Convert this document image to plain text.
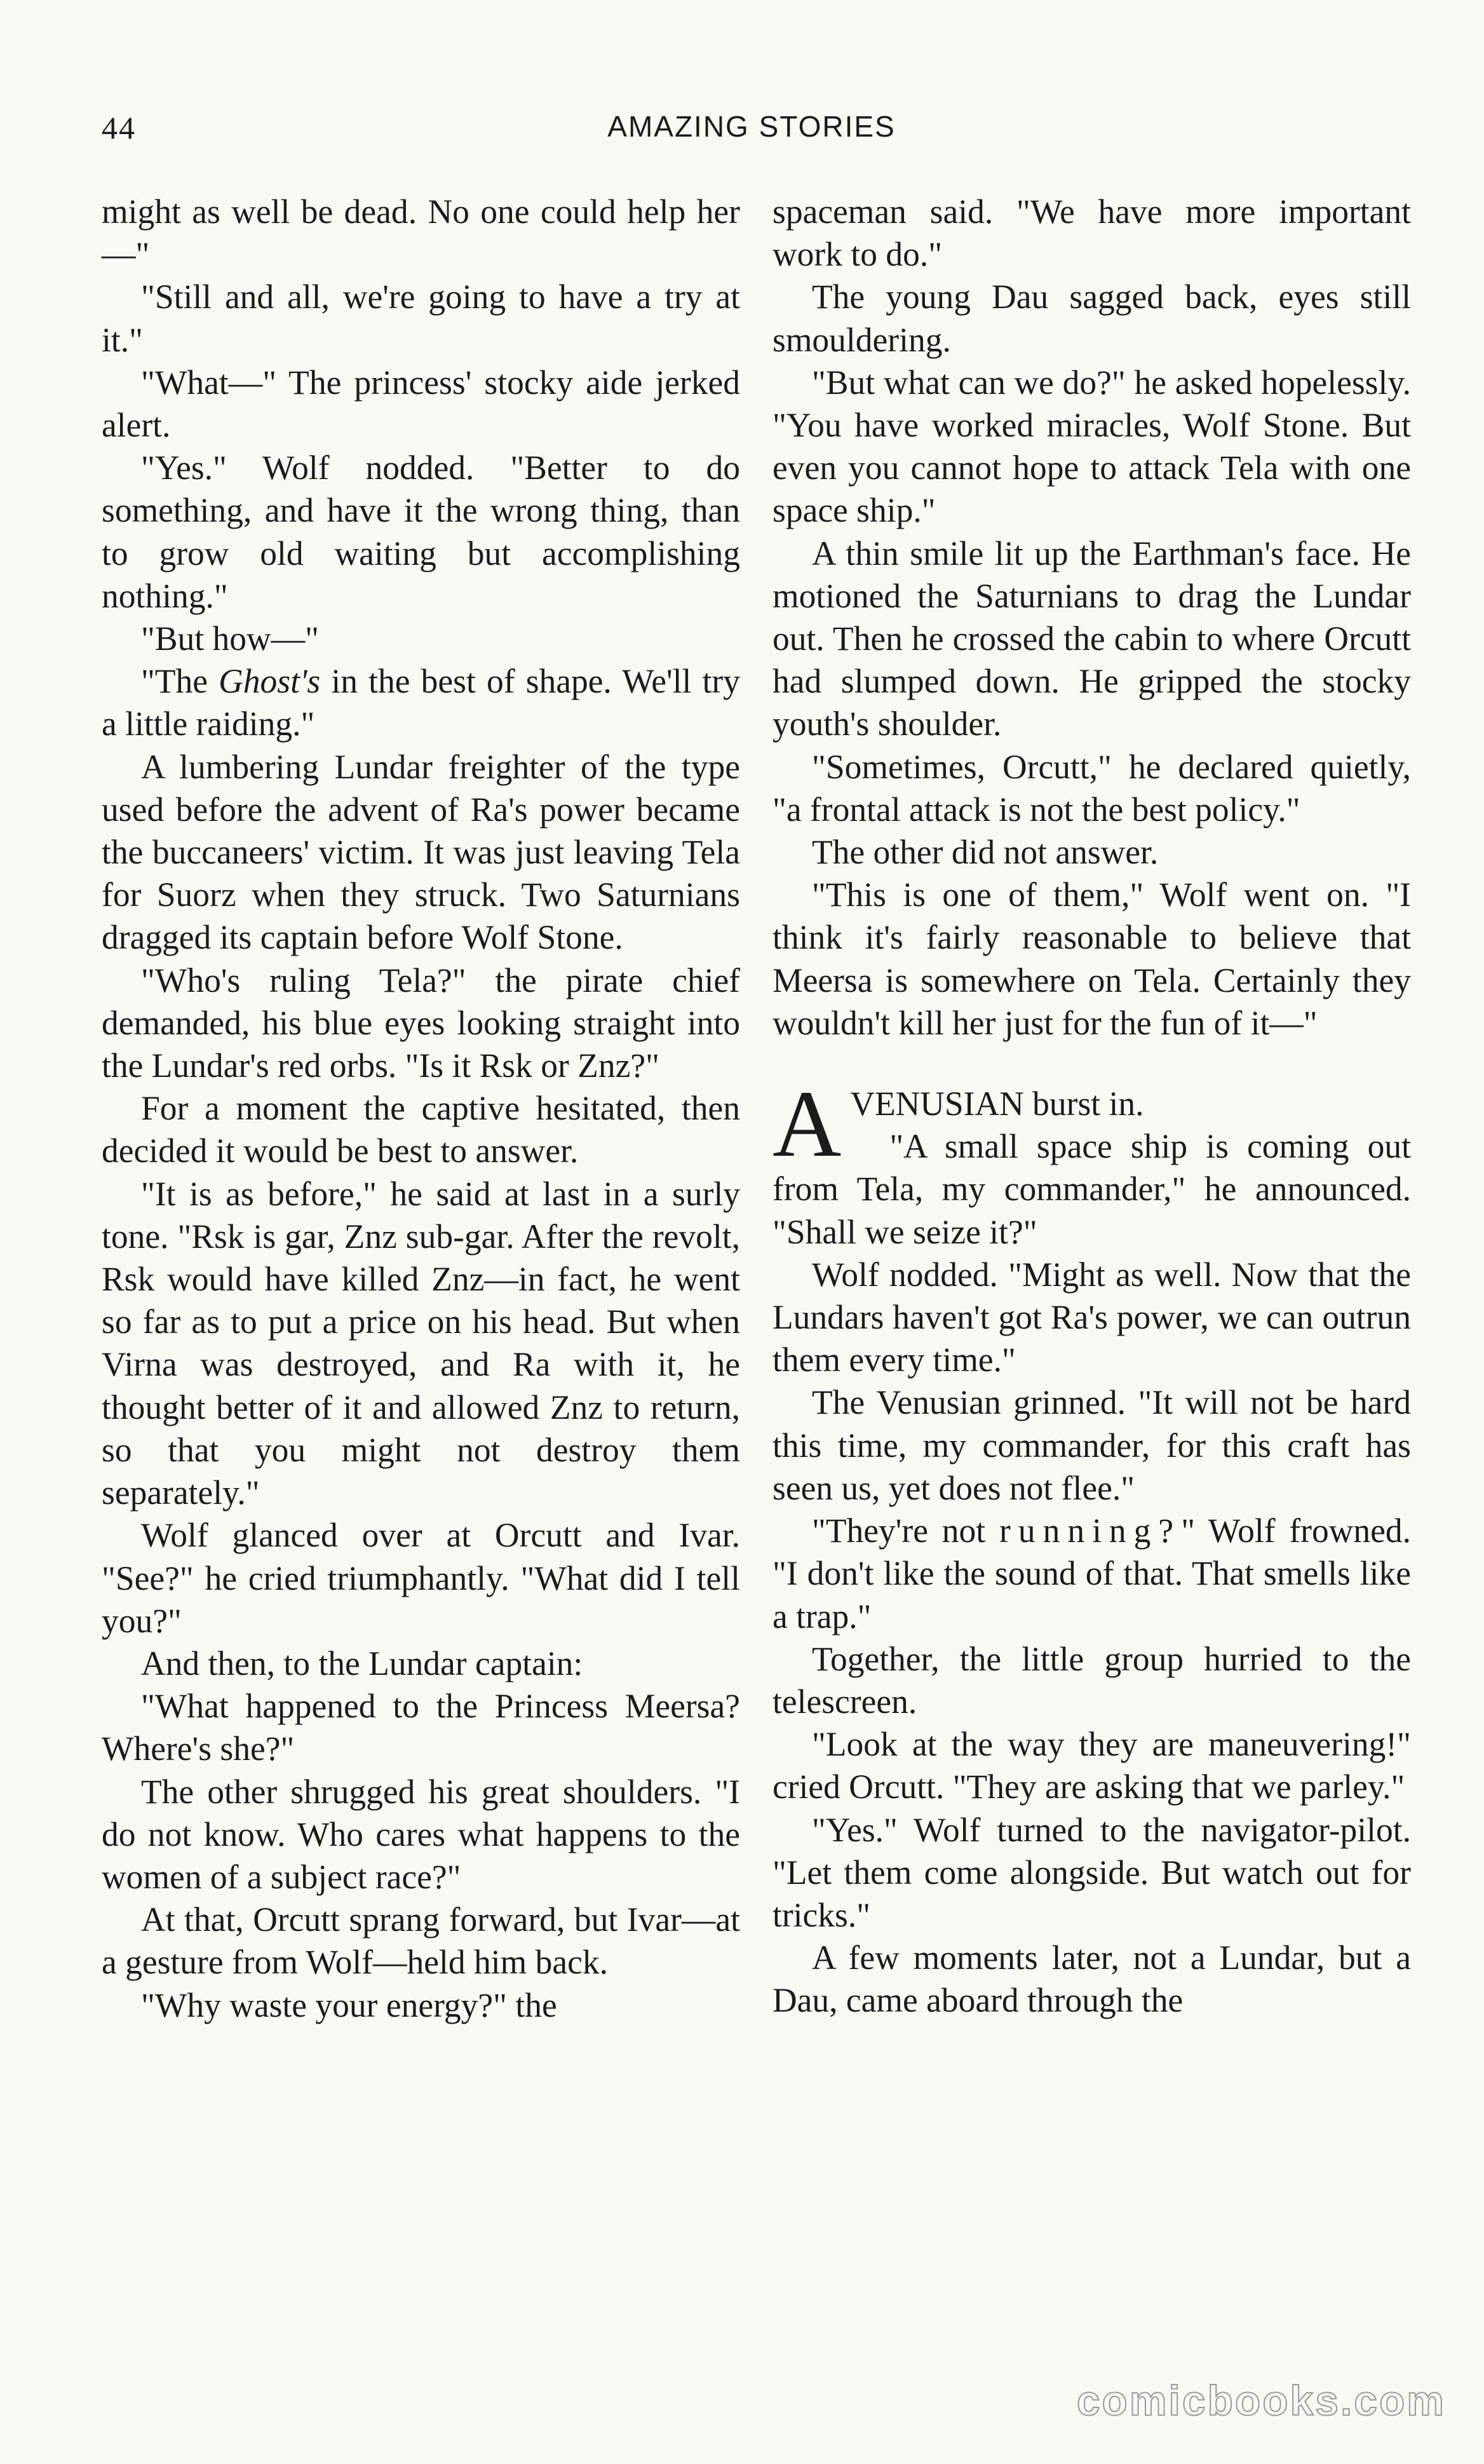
44	AMAZING STORIES

might as well be dead. No one could help her—"

"Still and all, we're going to have a try at it."

"What—" The princess' stocky aide jerked alert.

"Yes." Wolf nodded. "Better to do something, and have it the wrong thing, than to grow old waiting but accomplishing nothing."

"But how—"

"The Ghost's in the best of shape. We'll try a little raiding."

A lumbering Lundar freighter of the type used before the advent of Ra's power became the buccaneers' victim. It was just leaving Tela for Suorz when they struck. Two Saturnians dragged its captain before Wolf Stone.

"Who's ruling Tela?" the pirate chief demanded, his blue eyes looking straight into the Lundar's red orbs. "Is it Rsk or Znz?"

For a moment the captive hesitated, then decided it would be best to answer.

"It is as before," he said at last in a surly tone. "Rsk is gar, Znz sub-gar. After the revolt, Rsk would have killed Znz—in fact, he went so far as to put a price on his head. But when Virna was destroyed, and Ra with it, he thought better of it and allowed Znz to return, so that you might not destroy them separately."

Wolf glanced over at Orcutt and Ivar. "See?" he cried triumphantly. "What did I tell you?"

And then, to the Lundar captain:

"What happened to the Princess Meersa? Where's she?"

The other shrugged his great shoulders. "I do not know. Who cares what happens to the women of a subject race?"

At that, Orcutt sprang forward, but Ivar—at a gesture from Wolf—held him back.

"Why waste your energy?" the

spaceman said. "We have more important work to do."

The young Dau sagged back, eyes still smouldering.

"But what can we do?" he asked hopelessly. "You have worked miracles, Wolf Stone. But even you cannot hope to attack Tela with one space ship."

A thin smile lit up the Earthman's face. He motioned the Saturnians to drag the Lundar out. Then he crossed the cabin to where Orcutt had slumped down. He gripped the stocky youth's shoulder.

"Sometimes, Orcutt," he declared quietly, "a frontal attack is not the best policy."

The other did not answer.

"This is one of them," Wolf went on. "I think it's fairly reasonable to believe that Meersa is somewhere on Tela. Certainly they wouldn't kill her just for the fun of it—"

A VENUSIAN burst in.

"A small space ship is coming out from Tela, my commander," he announced. "Shall we seize it?"

Wolf nodded. "Might as well. Now that the Lundars haven't got Ra's power, we can outrun them every time."

The Venusian grinned. "It will not be hard this time, my commander, for this craft has seen us, yet does not flee."

"They're not running?" Wolf frowned. "I don't like the sound of that. That smells like a trap."

Together, the little group hurried to the telescreen.

"Look at the way they are maneuvering!" cried Orcutt. "They are asking that we parley."

"Yes." Wolf turned to the navigator-pilot. "Let them come alongside. But watch out for tricks."

A few moments later, not a Lundar, but a Dau, came aboard through the

comicbooks.com
